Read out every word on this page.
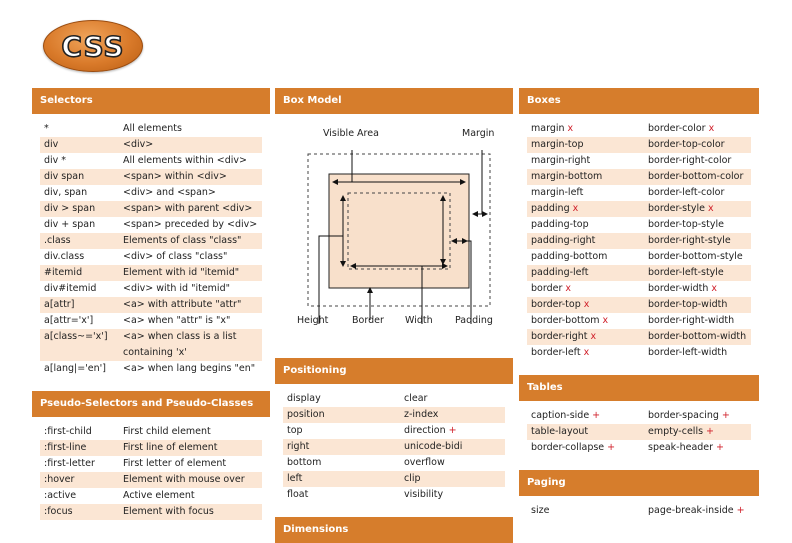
CSS
Selectors
*	All elements
div	<div>
div *	All elements within <div>
div span	<span> within <div>
div, span	<div> and <span>
div > span	<span> with parent <div>
div + span	<span> preceded by <div>
.class	Elements of class "class"
div.class	<div> of class "class"
#itemid	Element with id "itemid"
div#itemid	<div> with id "itemid"
a[attr]	<a> with attribute "attr"
a[attr='x']	<a> when "attr" is "x"
a[class~='x']	<a> when class is a list containing 'x'
a[lang|='en']	<a> when lang begins "en"
Pseudo-Selectors and Pseudo-Classes
:first-child	First child element
:first-line	First line of element
:first-letter	First letter of element
:hover	Element with mouse over
:active	Active element
:focus	Element with focus
Box Model
Visible Area	Margin
Height Border Width Padding
Positioning
display	clear
position	z-index
top	direction +
right	unicode-bidi
bottom	overflow
left	clip
float	visibility
Dimensions
Boxes
margin x	border-color x
margin-top	border-top-color
margin-right	border-right-color
margin-bottom	border-bottom-color
margin-left	border-left-color
padding x	border-style x
padding-top	border-top-style
padding-right	border-right-style
padding-bottom	border-bottom-style
padding-left	border-left-style
border x	border-width x
border-top x	border-top-width
border-bottom x	border-right-width
border-right x	border-bottom-width
border-left x	border-left-width
Tables
caption-side +	border-spacing +
table-layout	empty-cells +
border-collapse +	speak-header +
Paging
size	page-break-inside +
